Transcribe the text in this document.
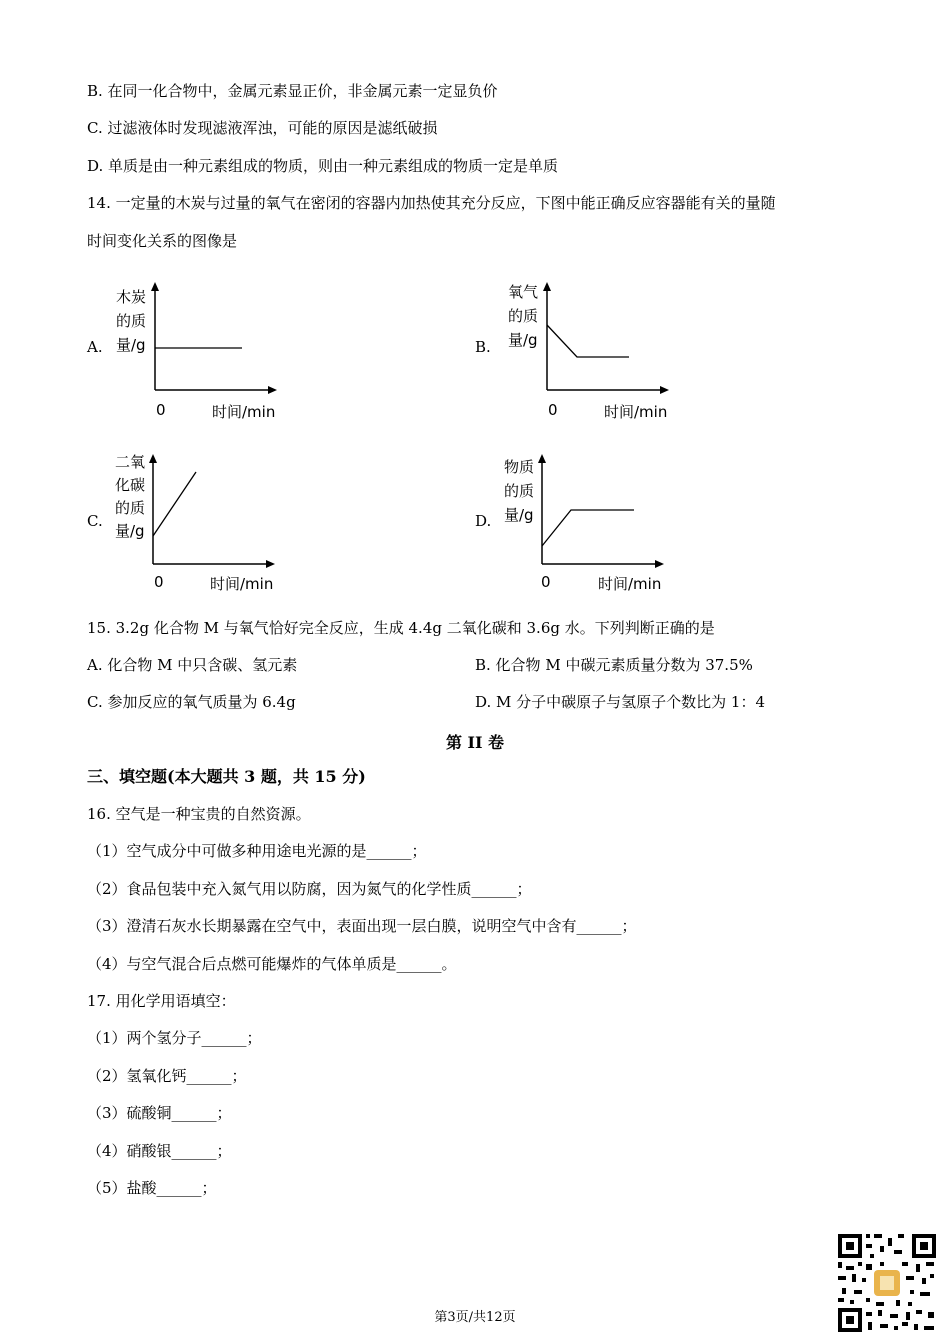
B. 在同一化合物中，金属元素显正价，非金属元素一定显负价
C. 过滤液体时发现滤液浑浊，可能的原因是滤纸破损
D. 单质是由一种元素组成的物质，则由一种元素组成的物质一定是单质
14. 一定量的木炭与过量的氧气在密闭的容器内加热使其充分反应，下图中能正确反应容器能有关的量随
时间变化关系的图像是
A.
木炭
的质
量/g
0	时间/min
B.
氧气
的质
量/g
0	时间/min
C.
二氧
化碳
的质
量/g
0	时间/min
D.
物质
的质
量/g
0	时间/min
15. 3.2g 化合物 M 与氧气恰好完全反应，生成 4.4g 二氧化碳和 3.6g 水。下列判断正确的是
A. 化合物 M 中只含碳、氢元素	B. 化合物 M 中碳元素质量分数为 37.5%
C. 参加反应的氧气质量为 6.4g	D. M 分子中碳原子与氢原子个数比为 1：4
第 II 卷
三、填空题(本大题共 3 题，共 15 分)
16. 空气是一种宝贵的自然资源。
（1）空气成分中可做多种用途电光源的是______；
（2）食品包装中充入氮气用以防腐，因为氮气的化学性质______；
（3）澄清石灰水长期暴露在空气中，表面出现一层白膜，说明空气中含有______；
（4）与空气混合后点燃可能爆炸的气体单质是______。
17. 用化学用语填空：
（1）两个氢分子______；
（2）氢氧化钙______；
（3）硫酸铜______；
（4）硝酸银______；
（5）盐酸______；
第3页/共12页
